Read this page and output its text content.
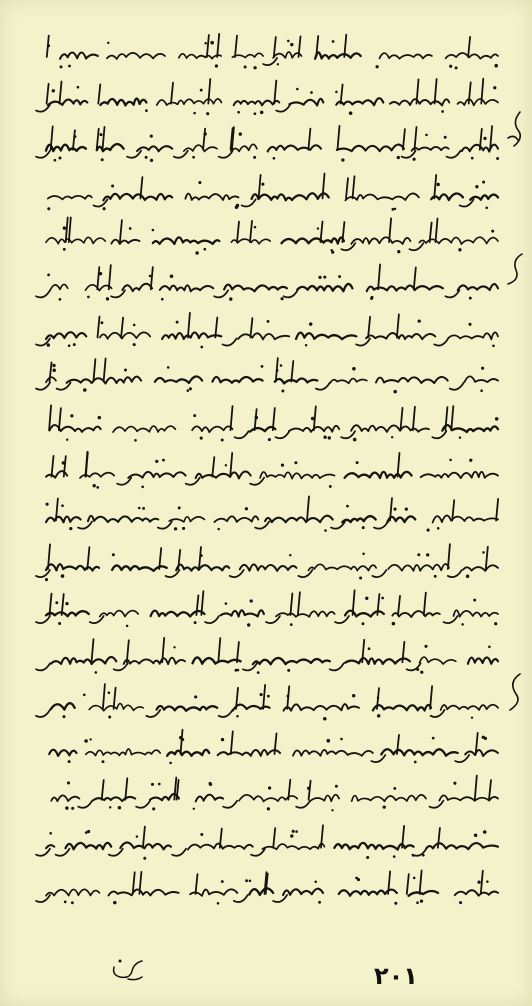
٢٠١
